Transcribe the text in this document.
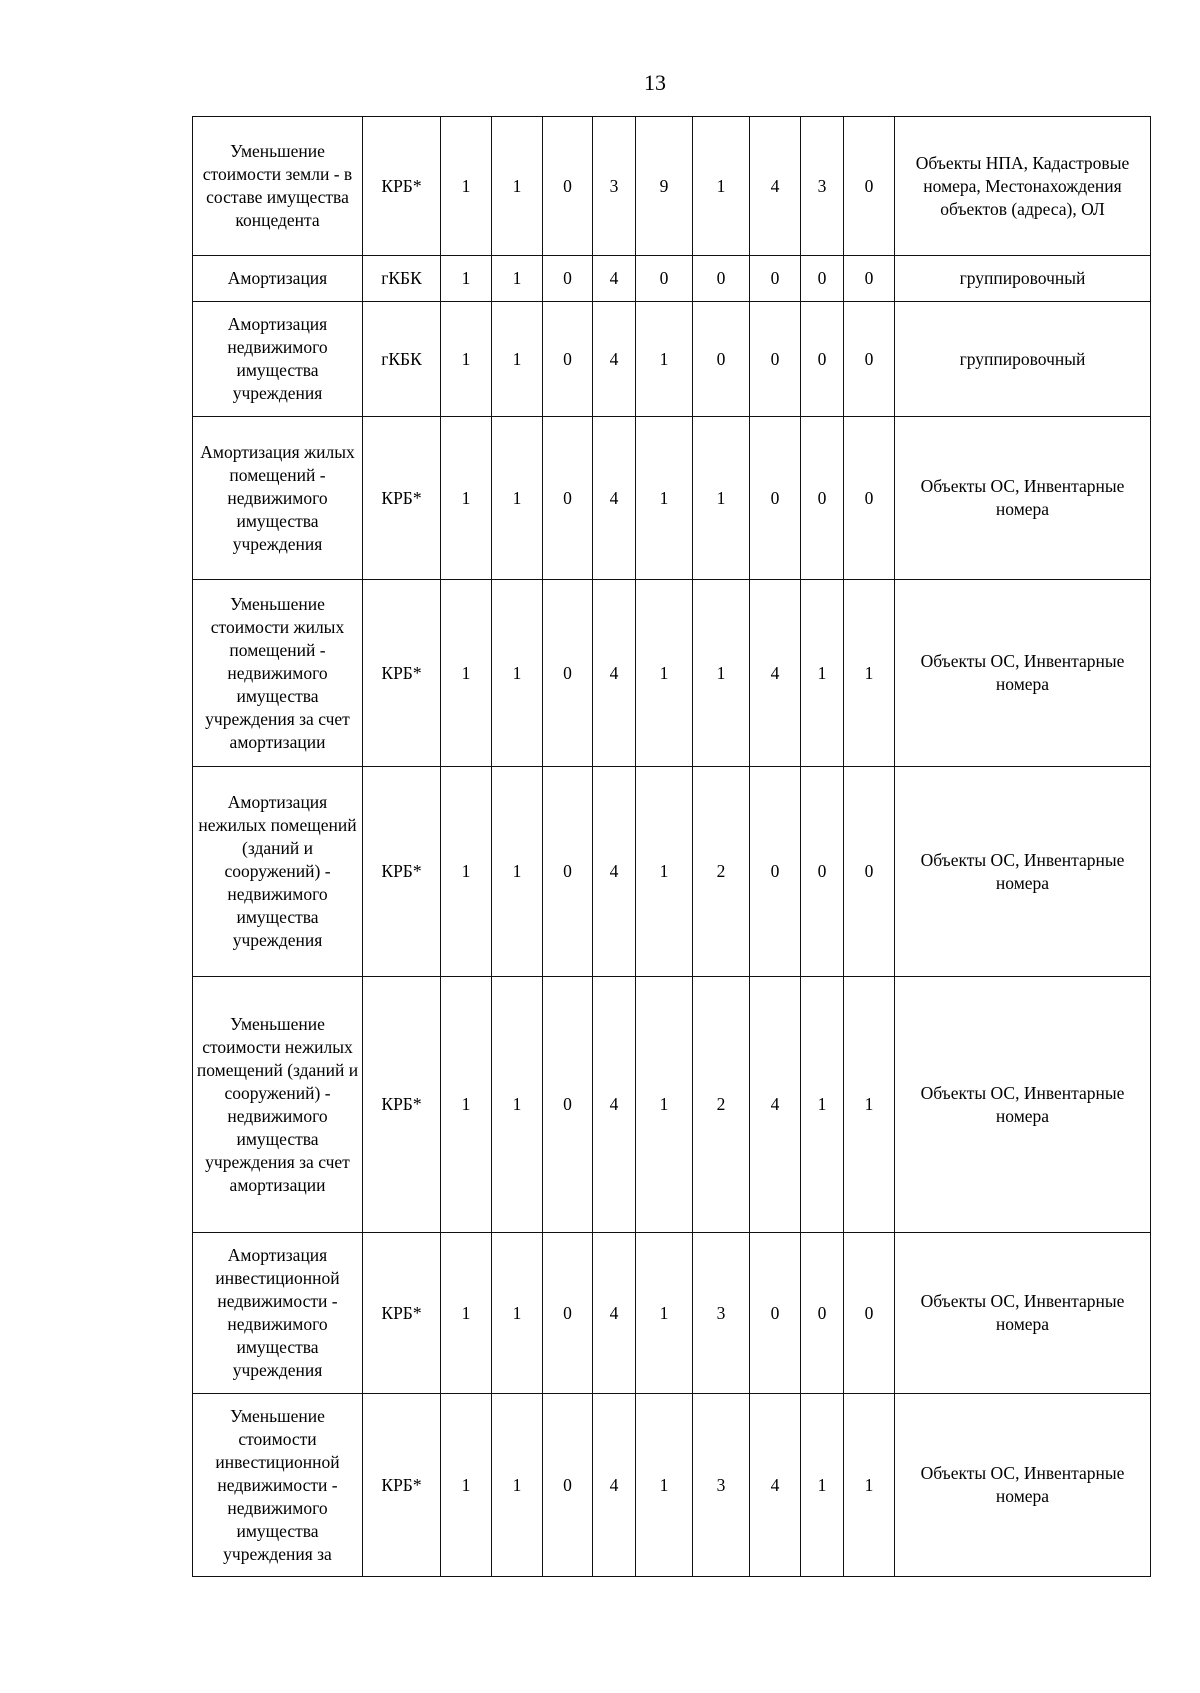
13
Уменьшение стоимости земли - в составе имущества концедента	КРБ*	1	1	0	3	9	1	4	3	0	Объекты НПА, Кадастровые номера, Местонахождения объектов (адреса), ОЛ
Амортизация	гКБК	1	1	0	4	0	0	0	0	0	группировочный
Амортизация недвижимого имущества учреждения	гКБК	1	1	0	4	1	0	0	0	0	группировочный
Амортизация жилых помещений - недвижимого имущества учреждения	КРБ*	1	1	0	4	1	1	0	0	0	Объекты ОС, Инвентарные номера
Уменьшение стоимости жилых помещений - недвижимого имущества учреждения за счет амортизации	КРБ*	1	1	0	4	1	1	4	1	1	Объекты ОС, Инвентарные номера
Амортизация нежилых помещений (зданий и сооружений) - недвижимого имущества учреждения	КРБ*	1	1	0	4	1	2	0	0	0	Объекты ОС, Инвентарные номера
Уменьшение стоимости нежилых помещений (зданий и сооружений) - недвижимого имущества учреждения за счет амортизации	КРБ*	1	1	0	4	1	2	4	1	1	Объекты ОС, Инвентарные номера
Амортизация инвестиционной недвижимости - недвижимого имущества учреждения	КРБ*	1	1	0	4	1	3	0	0	0	Объекты ОС, Инвентарные номера
Уменьшение стоимости инвестиционной недвижимости - недвижимого имущества учреждения за	КРБ*	1	1	0	4	1	3	4	1	1	Объекты ОС, Инвентарные номера
